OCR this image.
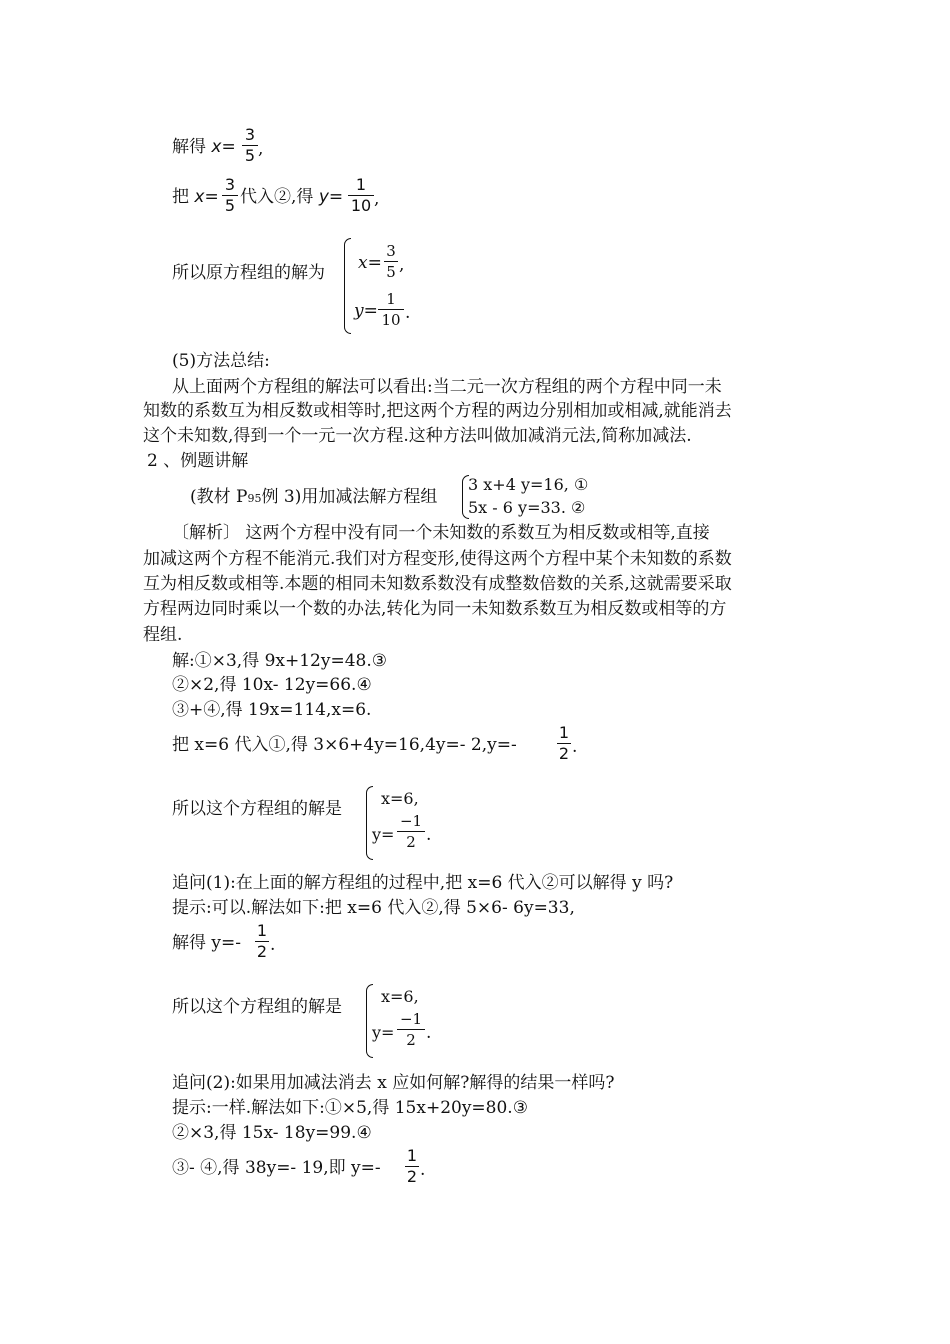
解得 x=
3
5 ,
把 x=
3
5 代入②,得 y=
1
10 ,
所以原方程组的解为 x=
3
5 ,
y=
1
10 .
(5)方法总结:
从上面两个方程组的解法可以看出:当二元一次方程组的两个方程中同一未
知数的系数互为相反数或相等时,把这两个方程的两边分别相加或相减,就能消去
这个未知数,得到一个一元一次方程.这种方法叫做加减消元法,简称加减法.
2 、例题讲解
(教材 P95例 3)用加减法解方程组
3 x+4 y=16, ①
5x - 6 y=33. ②
〔解析〕 这两个方程中没有同一个未知数的系数互为相反数或相等,直接
加减这两个方程不能消元.我们对方程变形,使得这两个方程中某个未知数的系数
互为相反数或相等.本题的相同未知数系数没有成整数倍数的关系,这就需要采取
方程两边同时乘以一个数的办法,转化为同一未知数系数互为相反数或相等的方
程组.
解:①×3,得 9x+12y=48.③
②×2,得 10x- 12y=66.④
③+④,得 19x=114,x=6.
把 x=6 代入①,得 3×6+4y=16,4y=- 2,y=-
1
2 .
所以这个方程组的解是
x=6,
y=
−1
2 .
追问(1):在上面的解方程组的过程中,把 x=6 代入②可以解得 y 吗?
提示:可以.解法如下:把 x=6 代入②,得 5×6- 6y=33,
解得 y=-
1
2 .
所以这个方程组的解是
x=6,
y=
−1
2 .
追问(2):如果用加减法消去 x 应如何解?解得的结果一样吗?
提示:一样.解法如下:①×5,得 15x+20y=80.③
②×3,得 15x- 18y=99.④
③- ④,得 38y=- 19,即 y=-
1
2 .
